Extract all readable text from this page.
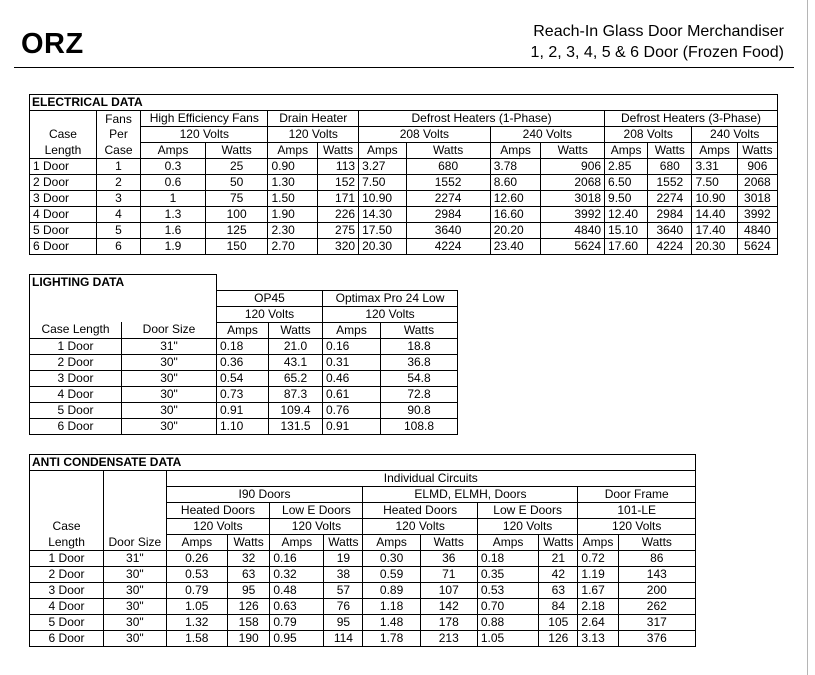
ORZ	Reach-In Glass Door Merchandiser
1, 2, 3, 4, 5 & 6 Door (Frozen Food)
ELECTRICAL DATA													
	Fans	High Efficiency Fans		Drain Heater		Defrost Heaters (1-Phase)				Defrost Heaters (3-Phase)			
Case	Per	120 Volts		120 Volts		208 Volts		240 Volts		208 Volts		240 Volts	
Length	Case	Amps	Watts	Amps	Watts	Amps	Watts	Amps	Watts	Amps	Watts	Amps	Watts
1 Door	1	0.3	25	0.90	113	3.27	680	3.78	906	2.85	680	3.31	906
2 Door	2	0.6	50	1.30	152	7.50	1552	8.60	2068	6.50	1552	7.50	2068
3 Door	3	1	75	1.50	171	10.90	2274	12.60	3018	9.50	2274	10.90	3018
4 Door	4	1.3	100	1.90	226	14.30	2984	16.60	3992	12.40	2984	14.40	3992
5 Door	5	1.6	125	2.30	275	17.50	3640	20.20	4840	15.10	3640	17.40	4840
6 Door	6	1.9	150	2.70	320	20.30	4224	23.40	5624	17.60	4224	20.30	5624
LIGHTING DATA					
		OP45		Optimax Pro 24 Low	
		120 Volts		120 Volts	
Case Length	Door Size	Amps	Watts	Amps	Watts
1 Door	31"	0.18	21.0	0.16	18.8
2 Door	30"	0.36	43.1	0.31	36.8
3 Door	30"	0.54	65.2	0.46	54.8
4 Door	30"	0.73	87.3	0.61	72.8
5 Door	30"	0.91	109.4	0.76	90.8
6 Door	30"	1.10	131.5	0.91	108.8
ANTI CONDENSATE DATA											
		Individual Circuits									
		I90 Doors				ELMD, ELMH, Doors				Door Frame	
		Heated Doors		Low E Doors		Heated Doors		Low E Doors		101-LE	
Case		120 Volts		120 Volts		120 Volts		120 Volts		120 Volts	
Length	Door Size	Amps	Watts	Amps	Watts	Amps	Watts	Amps	Watts	Amps	Watts
1 Door	31"	0.26	32	0.16	19	0.30	36	0.18	21	0.72	86
2 Door	30"	0.53	63	0.32	38	0.59	71	0.35	42	1.19	143
3 Door	30"	0.79	95	0.48	57	0.89	107	0.53	63	1.67	200
4 Door	30"	1.05	126	0.63	76	1.18	142	0.70	84	2.18	262
5 Door	30"	1.32	158	0.79	95	1.48	178	0.88	105	2.64	317
6 Door	30"	1.58	190	0.95	114	1.78	213	1.05	126	3.13	376
